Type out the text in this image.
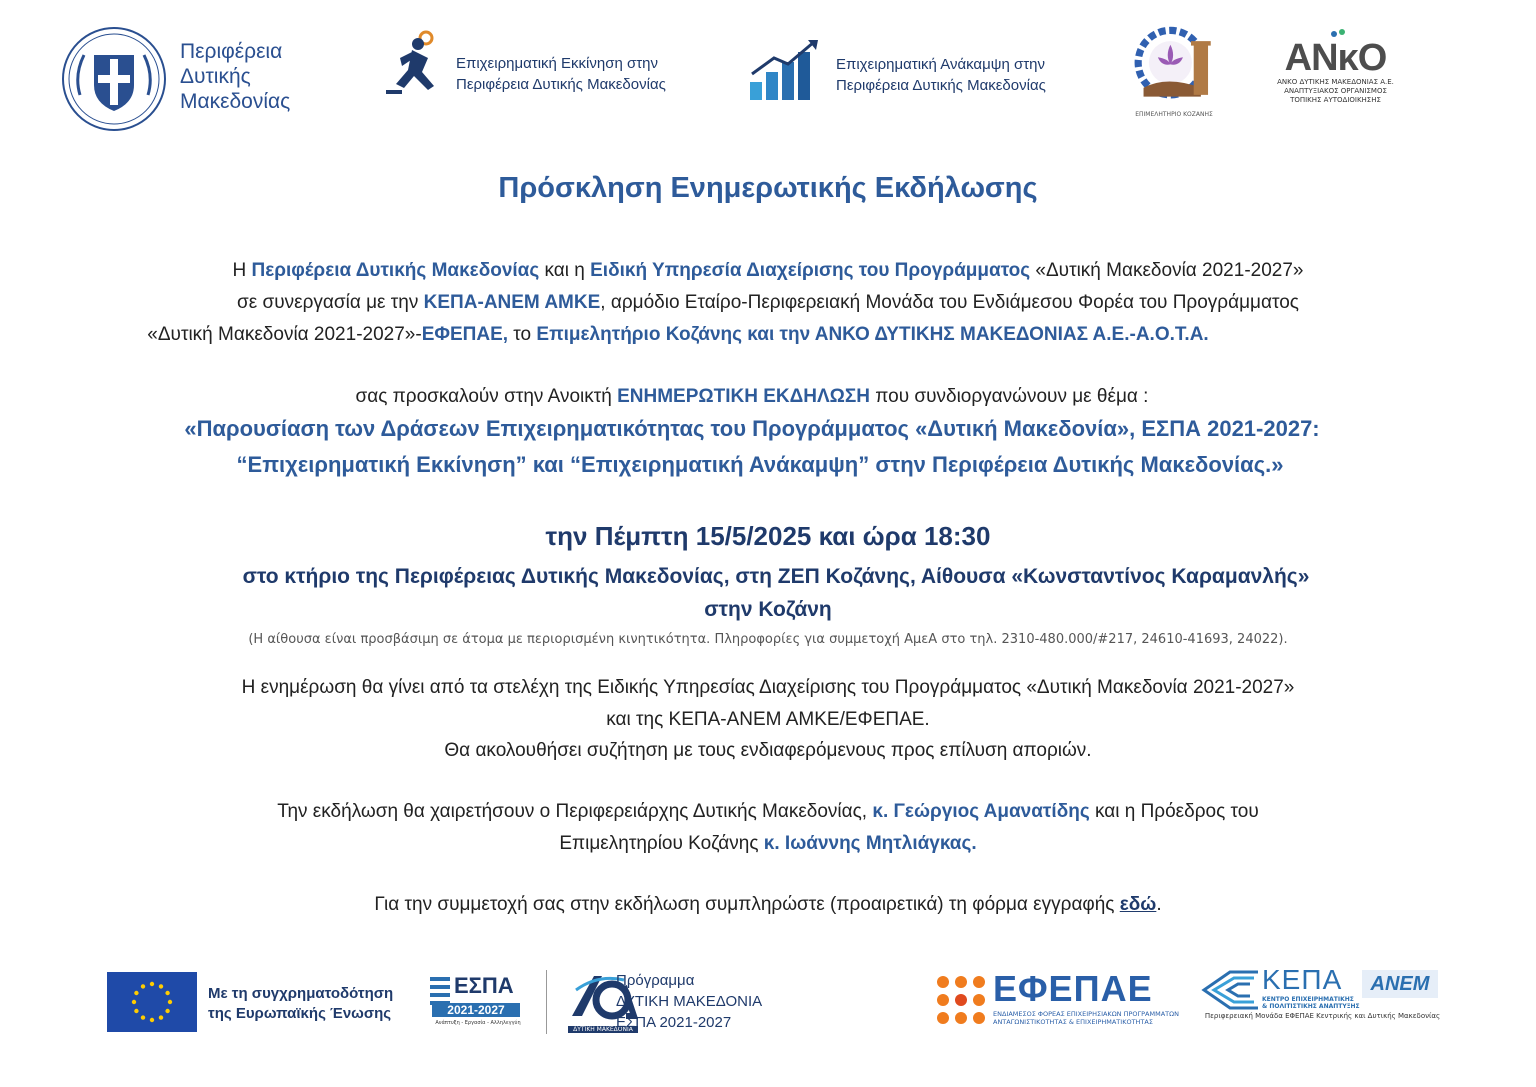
Περιφέρεια
Δυτικής
Μακεδονίας
Επιχειρηματική Εκκίνηση στην
Περιφέρεια Δυτικής Μακεδονίας
Επιχειρηματική Ανάκαμψη στην
Περιφέρεια Δυτικής Μακεδονίας
ΕΠΙΜΕΛΗΤΗΡΙΟ ΚΟΖΑΝΗΣ
ΑΝκΟ
ΑΝΚΟ ΔΥΤΙΚΗΣ ΜΑΚΕΔΟΝΙΑΣ Α.Ε.
ΑΝΑΠΤΥΞΙΑΚΟΣ ΟΡΓΑΝΙΣΜΟΣ
ΤΟΠΙΚΗΣ ΑΥΤΟΔΙΟΙΚΗΣΗΣ
Πρόσκληση Ενημερωτικής Εκδήλωσης
Η Περιφέρεια Δυτικής Μακεδονίας και η Ειδική Υπηρεσία Διαχείρισης του Προγράμματος «Δυτική Μακεδονία 2021-2027»
σε συνεργασία με την ΚΕΠΑ-ΑΝΕΜ ΑΜΚΕ, αρμόδιο Εταίρο-Περιφερειακή Μονάδα του Ενδιάμεσου Φορέα του Προγράμματος
«Δυτική Μακεδονία 2021-2027»-ΕΦΕΠΑΕ, το Επιμελητήριο Κοζάνης και την ΑΝΚΟ ΔΥΤΙΚΗΣ ΜΑΚΕΔΟΝΙΑΣ Α.Ε.-Α.Ο.Τ.Α.
σας προσκαλούν στην Ανοικτή ΕΝΗΜΕΡΩΤΙΚΗ ΕΚΔΗΛΩΣΗ που συνδιοργανώνουν με θέμα :
«Παρουσίαση των Δράσεων Επιχειρηματικότητας του Προγράμματος «Δυτική Μακεδονία», ΕΣΠΑ 2021-2027:
“Επιχειρηματική Εκκίνηση” και “Επιχειρηματική Ανάκαμψη” στην Περιφέρεια Δυτικής Μακεδονίας.»
την Πέμπτη 15/5/2025 και ώρα 18:30
στο κτήριο της Περιφέρειας Δυτικής Μακεδονίας, στη ΖΕΠ Κοζάνης, Αίθουσα «Κωνσταντίνος Καραμανλής»
στην Κοζάνη
(Η αίθουσα είναι προσβάσιμη σε άτομα με περιορισμένη κινητικότητα. Πληροφορίες για συμμετοχή ΑμεΑ στο τηλ. 2310-480.000/#217, 24610-41693, 24022).
Η ενημέρωση θα γίνει από τα στελέχη της Ειδικής Υπηρεσίας Διαχείρισης του Προγράμματος «Δυτική Μακεδονία 2021-2027»
και της ΚΕΠΑ-ΑΝΕΜ ΑΜΚΕ/ΕΦΕΠΑΕ.
Θα ακολουθήσει συζήτηση με τους ενδιαφερόμενους προς επίλυση αποριών.
Την εκδήλωση θα χαιρετήσουν ο Περιφερειάρχης Δυτικής Μακεδονίας, κ. Γεώργιος Αμανατίδης και η Πρόεδρος του
Επιμελητηρίου Κοζάνης κ. Ιωάννης Μητλιάγκας.
Για την συμμετοχή σας στην εκδήλωση συμπληρώστε (προαιρετικά) τη φόρμα εγγραφής εδώ.
Με τη συγχρηματοδότηση
της Ευρωπαϊκής Ένωσης
ΕΣΠΑ
2021-2027
Ανάπτυξη - Εργασία - Αλληλεγγύη
ΔΥΤΙΚΗ ΜΑΚΕΔΟΝΙΑ
Πρόγραμμα
ΔΥΤΙΚΗ ΜΑΚΕΔΟΝΙΑ
ΕΣΠΑ 2021-2027
ΕΦΕΠΑΕ
ΕΝΔΙΑΜΕΣΟΣ ΦΟΡΕΑΣ ΕΠΙΧΕΙΡΗΣΙΑΚΩΝ ΠΡΟΓΡΑΜΜΑΤΩΝ
ΑΝΤΑΓΩΝΙΣΤΙΚΟΤΗΤΑΣ & ΕΠΙΧΕΙΡΗΜΑΤΙΚΟΤΗΤΑΣ
ΚΕΠΑ
ΚΕΝΤΡΟ ΕΠΙΧΕΙΡΗΜΑΤΙΚΗΣ
& ΠΟΛΙΤΙΣΤΙΚΗΣ ΑΝΑΠΤΥΞΗΣ
ΑΝΕΜ
Περιφερειακή Μονάδα ΕΦΕΠΑΕ Κεντρικής και Δυτικής Μακεδονίας
